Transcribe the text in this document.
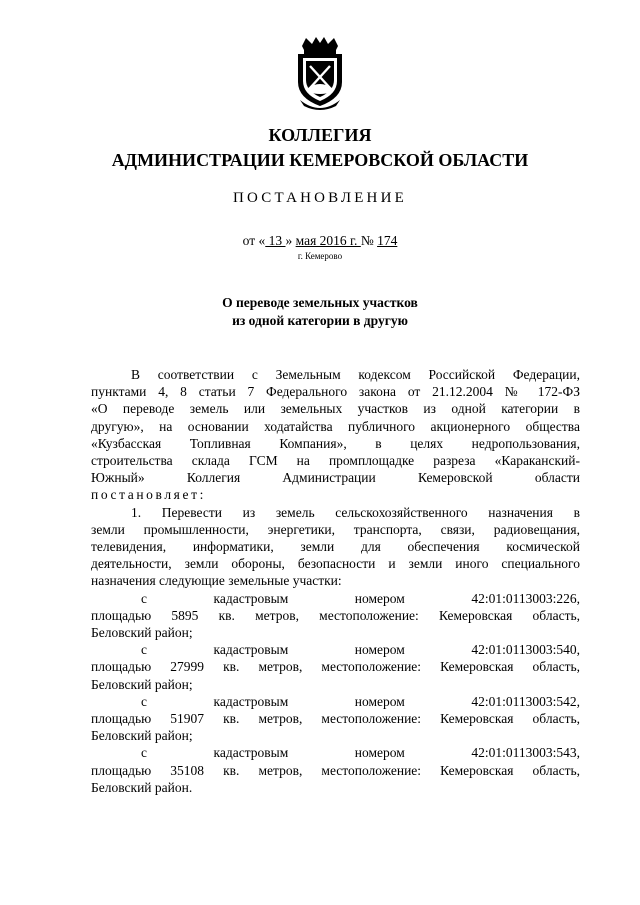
КОЛЛЕГИЯ
АДМИНИСТРАЦИИ КЕМЕРОВСКОЙ ОБЛАСТИ
ПОСТАНОВЛЕНИЕ
от « 13 » мая 2016 г. № 174
г. Кемерово
О переводе земельных участков
из одной категории в другую

В соответствии с Земельным кодексом Российской Федерации,

пунктами 4, 8 статьи 7 Федерального закона от 21.12.2004 № 172-ФЗ

«О переводе земель или земельных участков из одной категории в

другую», на основании ходатайства публичного акционерного общества

«Кузбасская Топливная Компания», в целях недропользования,

строительства склада ГСМ на промплощадке разреза «Караканский-

Южный»	Коллегия	Администрации	Кемеровской	области

постановляет:

1. Перевести из земель сельскохозяйственного назначения в

земли промышленности, энергетики, транспорта, связи, радиовещания,

телевидения, информатики, земли для обеспечения космической

деятельности, земли обороны, безопасности и земли иного специального

назначения следующие земельные участки:

с	кадастровым	номером	42:01:0113003:226,

площадью 5895 кв. метров, местоположение: Кемеровская область,

Беловский район;

с	кадастровым	номером	42:01:0113003:540,

площадью 27999 кв. метров, местоположение: Кемеровская область,

Беловский район;

с	кадастровым	номером	42:01:0113003:542,

площадью 51907 кв. метров, местоположение: Кемеровская область,

Беловский район;

с	кадастровым	номером	42:01:0113003:543,

площадью 35108 кв. метров, местоположение: Кемеровская область,

Беловский район.
